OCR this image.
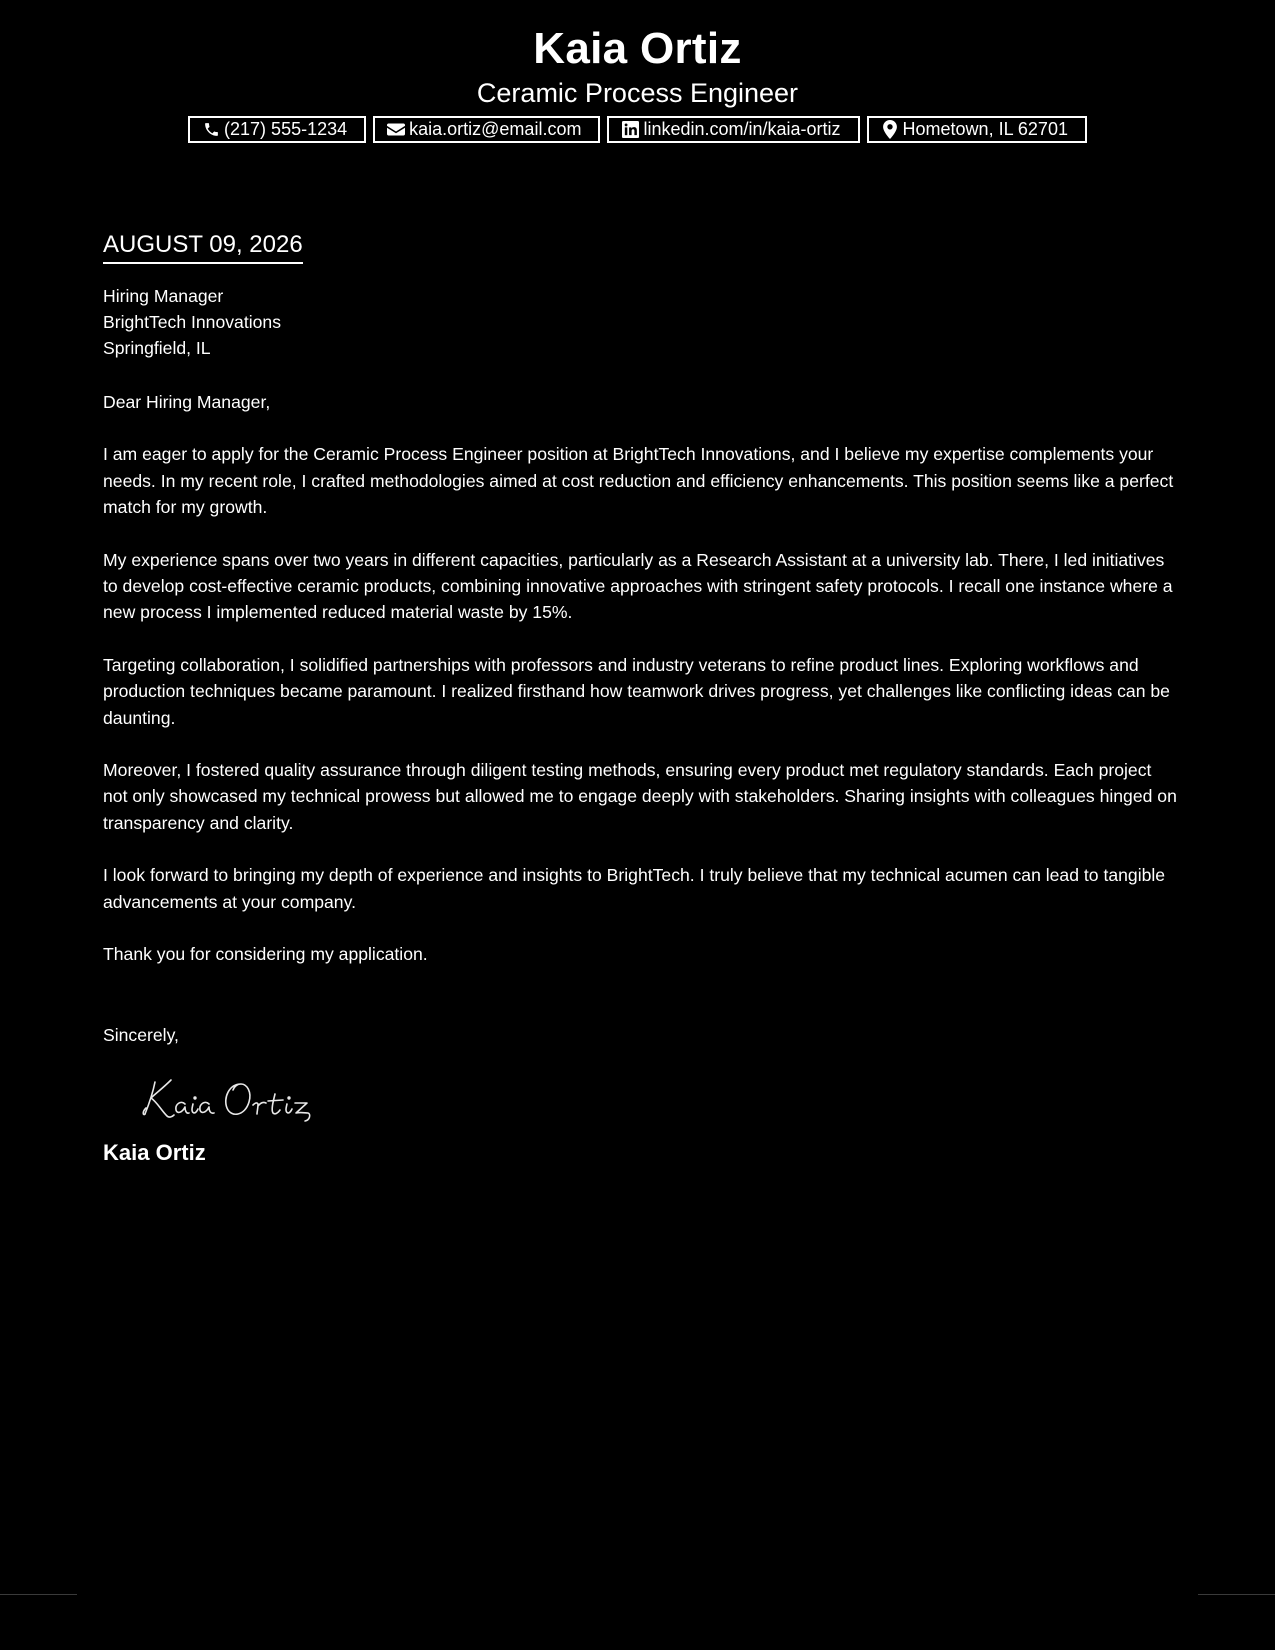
Kaia Ortiz
Ceramic Process Engineer
(217) 555-1234	kaia.ortiz@email.com	linkedin.com/in/kaia-ortiz	Hometown, IL 62701
AUGUST 09, 2026
Hiring Manager
BrightTech Innovations
Springfield, IL
Dear Hiring Manager,

I am eager to apply for the Ceramic Process Engineer position at BrightTech Innovations, and I believe my expertise complements your needs. In my recent role, I crafted methodologies aimed at cost reduction and efficiency enhancements. This position seems like a perfect match for my growth.

My experience spans over two years in different capacities, particularly as a Research Assistant at a university lab. There, I led initiatives to develop cost-effective ceramic products, combining innovative approaches with stringent safety protocols. I recall one instance where a new process I implemented reduced material waste by 15%.

Targeting collaboration, I solidified partnerships with professors and industry veterans to refine product lines. Exploring workflows and production techniques became paramount. I realized firsthand how teamwork drives progress, yet challenges like conflicting ideas can be daunting.

Moreover, I fostered quality assurance through diligent testing methods, ensuring every product met regulatory standards. Each project not only showcased my technical prowess but allowed me to engage deeply with stakeholders. Sharing insights with colleagues hinged on transparency and clarity.

I look forward to bringing my depth of experience and insights to BrightTech. I truly believe that my technical acumen can lead to tangible advancements at your company.

Thank you for considering my application.

Sincerely,
Kaia Ortiz
